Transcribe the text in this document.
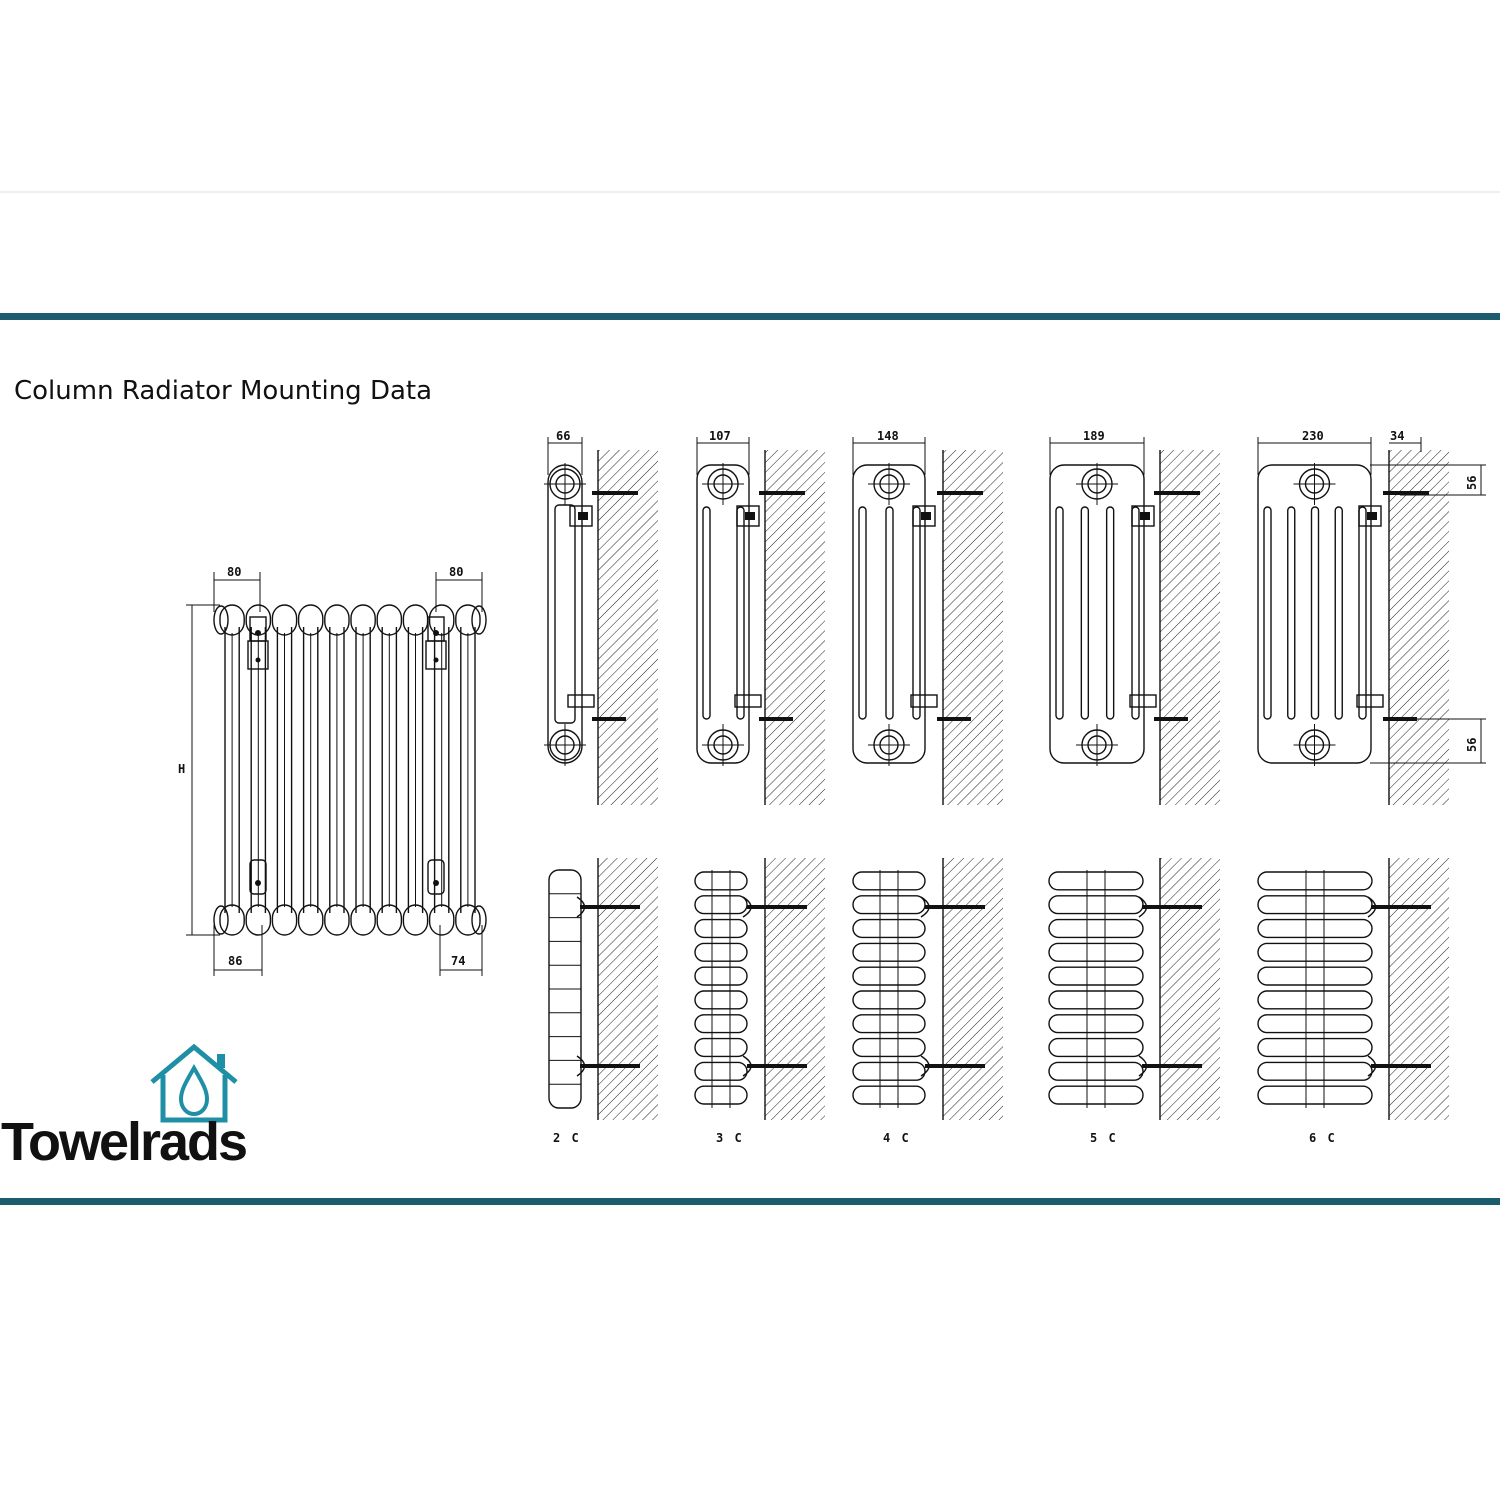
80	80
H
86	74
66	107	148	189	230	34
56
56
2 C	3 C	4 C	5 C	6 C
Towelrads
Column Radiator Mounting Data
